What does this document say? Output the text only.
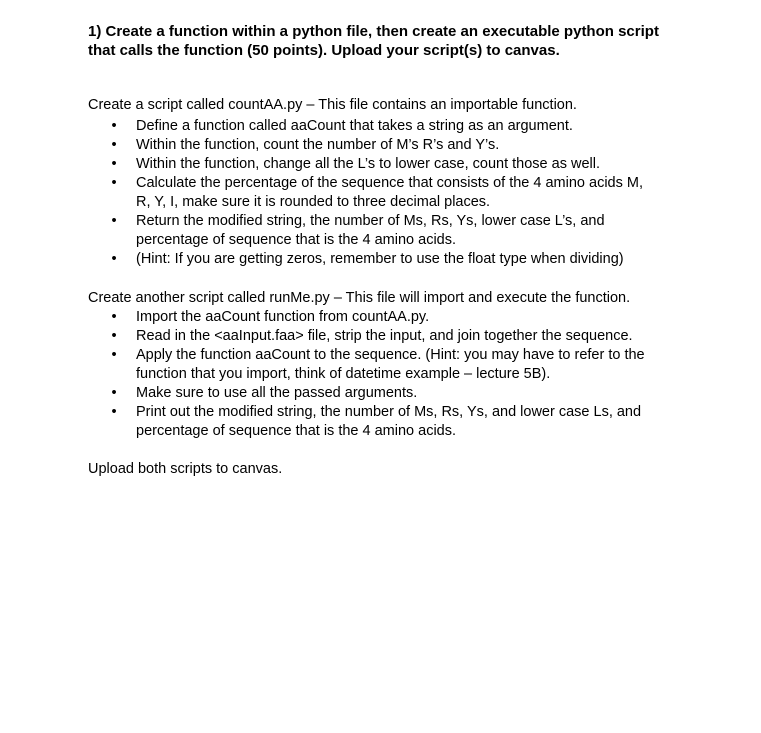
1) Create a function within a python file, then create an executable python script
that calls the function (50 points). Upload your script(s) to canvas.
Create a script called countAA.py – This file contains an importable function.
• Define a function called aaCount that takes a string as an argument.
• Within the function, count the number of M’s R’s and Y’s.
• Within the function, change all the L’s to lower case, count those as well.
• Calculate the percentage of the sequence that consists of the 4 amino acids M,
R, Y, I, make sure it is rounded to three decimal places.
• Return the modified string, the number of Ms, Rs, Ys, lower case L’s, and
percentage of sequence that is the 4 amino acids.
• (Hint: If you are getting zeros, remember to use the float type when dividing)
Create another script called runMe.py – This file will import and execute the function.
• Import the aaCount function from countAA.py.
• Read in the <aaInput.faa> file, strip the input, and join together the sequence.
• Apply the function aaCount to the sequence. (Hint: you may have to refer to the
function that you import, think of datetime example – lecture 5B).
• Make sure to use all the passed arguments.
• Print out the modified string, the number of Ms, Rs, Ys, and lower case Ls, and
percentage of sequence that is the 4 amino acids.
Upload both scripts to canvas.
